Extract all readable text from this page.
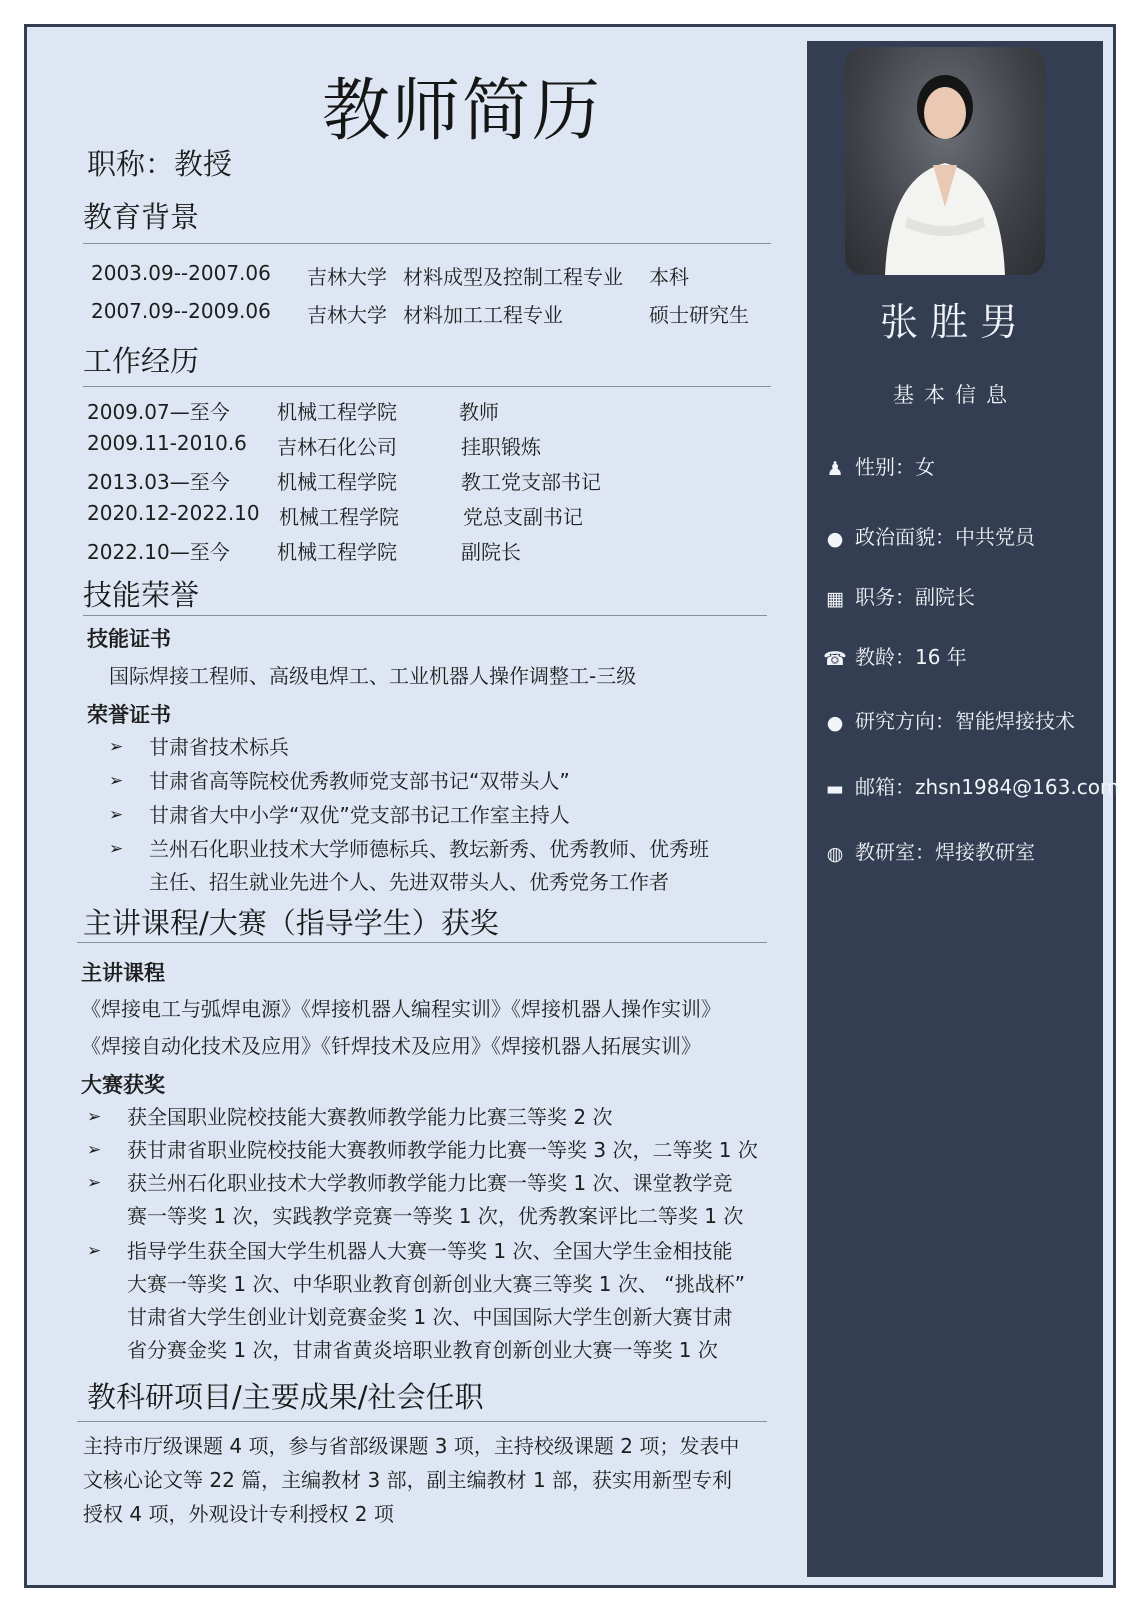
教师简历
职称：教授
教育背景
2003.09--2007.06 吉林大学 材料成型及控制工程专业 本科
2007.09--2009.06 吉林大学 材料加工工程专业	硕士研究生
工作经历
2009.07—至今 机械工程学院	教师
2009.11-2010.6 吉林石化公司	挂职锻炼
2013.03—至今 机械工程学院	教工党支部书记
2020.12-2022.10 机械工程学院	党总支副书记
2022.10—至今 机械工程学院	副院长
技能荣誉
技能证书
国际焊接工程师、高级电焊工、工业机器人操作调整工-三级
荣誉证书
➢ 甘肃省技术标兵
➢ 甘肃省高等院校优秀教师党支部书记“双带头人”
➢ 甘肃省大中小学“双优”党支部书记工作室主持人
➢ 兰州石化职业技术大学师德标兵、教坛新秀、优秀教师、优秀班
主任、招生就业先进个人、先进双带头人、优秀党务工作者
主讲课程/大赛（指导学生）获奖
主讲课程
《焊接电工与弧焊电源》《焊接机器人编程实训》《焊接机器人操作实训》
《焊接自动化技术及应用》《钎焊技术及应用》《焊接机器人拓展实训》
大赛获奖
➢ 获全国职业院校技能大赛教师教学能力比赛三等奖 2 次
➢ 获甘肃省职业院校技能大赛教师教学能力比赛一等奖 3 次，二等奖 1 次
➢ 获兰州石化职业技术大学教师教学能力比赛一等奖 1 次、课堂教学竞
赛一等奖 1 次，实践教学竞赛一等奖 1 次，优秀教案评比二等奖 1 次
➢ 指导学生获全国大学生机器人大赛一等奖 1 次、全国大学生金相技能
大赛一等奖 1 次、中华职业教育创新创业大赛三等奖 1 次、 “挑战杯”
甘肃省大学生创业计划竞赛金奖 1 次、中国国际大学生创新大赛甘肃
省分赛金奖 1 次，甘肃省黄炎培职业教育创新创业大赛一等奖 1 次
教科研项目/主要成果/社会任职
主持市厅级课题 4 项，参与省部级课题 3 项，主持校级课题 2 项；发表中
文核心论文等 22 篇，主编教材 3 部，副主编教材 1 部，获实用新型专利
授权 4 项，外观设计专利授权 2 项
张胜男
基本信息
♟ 性别：女
● 政治面貌：中共党员
▦ 职务：副院长
☎ 教龄：16 年
● 研究方向：智能焊接技术
▬ 邮箱：zhsn1984@163.com
◍ 教研室：焊接教研室
